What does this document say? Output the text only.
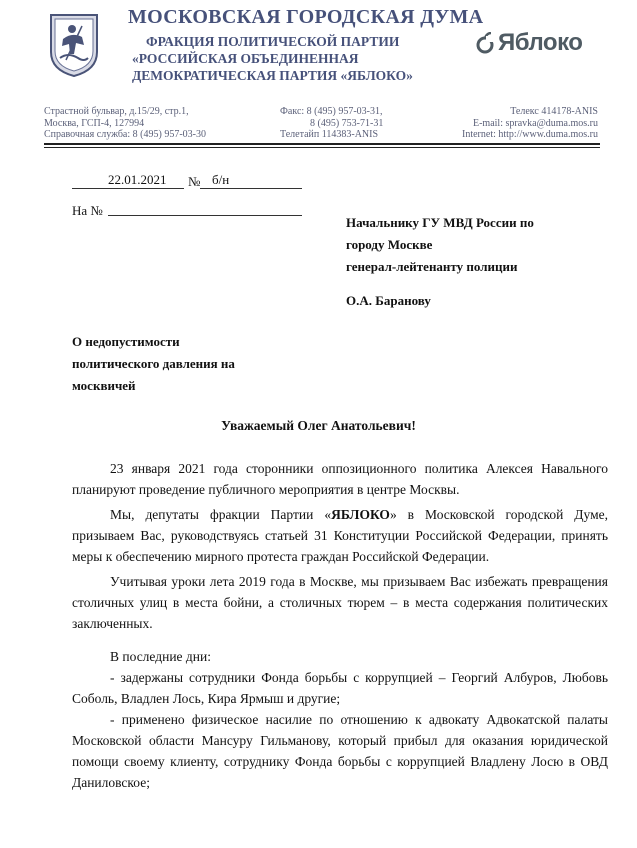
МОСКОВСКАЯ ГОРОДСКАЯ ДУМА
ФРАКЦИЯ ПОЛИТИЧЕСКОЙ ПАРТИИ
«РОССИЙСКАЯ ОБЪЕДИНЕННАЯ
ДЕМОКРАТИЧЕСКАЯ ПАРТИЯ «ЯБЛОКО»
Яблоко
Страстной бульвар, д.15/29, стр.1,
Москва, ГСП-4, 127994
Справочная служба: 8 (495) 957-03-30
Факс: 8 (495) 957-03-31,
8 (495) 753-71-31
Телетайп 114383-ANIS
Телекс 414178-ANIS
E-mail: spravka@duma.mos.ru
Internet: http://www.duma.mos.ru
22.01.2021 № б/н
На №
Начальнику ГУ МВД России по
городу Москве
генерал-лейтенанту полиции
О.А. Баранову
О недопустимости
политического давления на
москвичей
Уважаемый Олег Анатольевич!

23 января 2021 года сторонники оппозиционного политика Алексея Навального планируют проведение публичного мероприятия в центре Москвы.

Мы, депутаты фракции Партии «ЯБЛОКО» в Московской городской Думе, призываем Вас, руководствуясь статьей 31 Конституции Российской Федерации, принять меры к обеспечению мирного протеста граждан Российской Федерации.

Учитывая уроки лета 2019 года в Москве, мы призываем Вас избежать превращения столичных улиц в места бойни, а столичных тюрем – в места содержания политических заключенных.

В последние дни:

- задержаны сотрудники Фонда борьбы с коррупцией – Георгий Албуров, Любовь Соболь, Владлен Лось, Кира Ярмыш и другие;

- применено физическое насилие по отношению к адвокату Адвокатской палаты Московской области Мансуру Гильманову, который прибыл для оказания юридической помощи своему клиенту, сотруднику Фонда борьбы с коррупцией Владлену Лосю в ОВД Даниловское;
